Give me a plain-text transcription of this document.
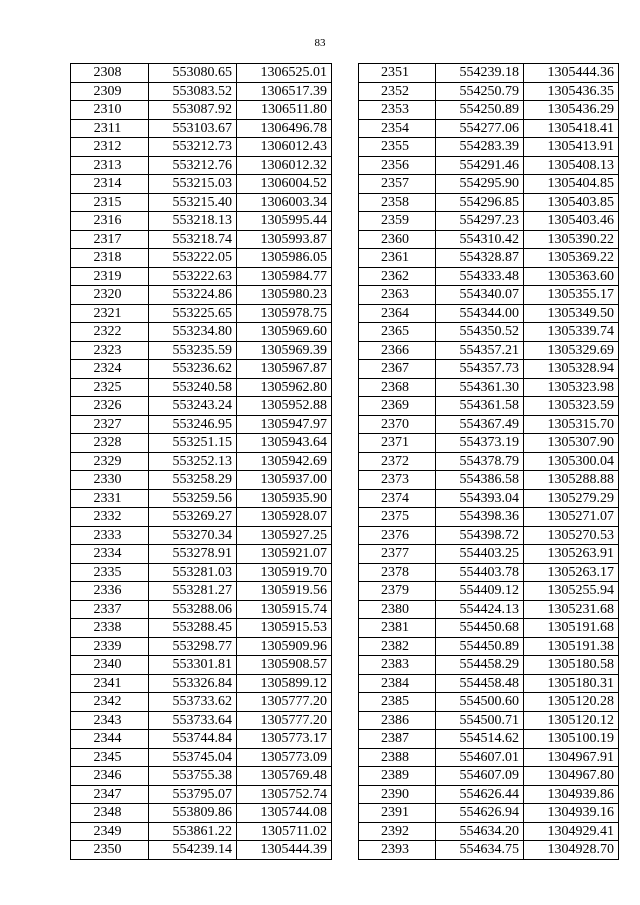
83
2308	553080.65	1306525.01
2309	553083.52	1306517.39
2310	553087.92	1306511.80
2311	553103.67	1306496.78
2312	553212.73	1306012.43
2313	553212.76	1306012.32
2314	553215.03	1306004.52
2315	553215.40	1306003.34
2316	553218.13	1305995.44
2317	553218.74	1305993.87
2318	553222.05	1305986.05
2319	553222.63	1305984.77
2320	553224.86	1305980.23
2321	553225.65	1305978.75
2322	553234.80	1305969.60
2323	553235.59	1305969.39
2324	553236.62	1305967.87
2325	553240.58	1305962.80
2326	553243.24	1305952.88
2327	553246.95	1305947.97
2328	553251.15	1305943.64
2329	553252.13	1305942.69
2330	553258.29	1305937.00
2331	553259.56	1305935.90
2332	553269.27	1305928.07
2333	553270.34	1305927.25
2334	553278.91	1305921.07
2335	553281.03	1305919.70
2336	553281.27	1305919.56
2337	553288.06	1305915.74
2338	553288.45	1305915.53
2339	553298.77	1305909.96
2340	553301.81	1305908.57
2341	553326.84	1305899.12
2342	553733.62	1305777.20
2343	553733.64	1305777.20
2344	553744.84	1305773.17
2345	553745.04	1305773.09
2346	553755.38	1305769.48
2347	553795.07	1305752.74
2348	553809.86	1305744.08
2349	553861.22	1305711.02
2350	554239.14	1305444.39
2351	554239.18	1305444.36
2352	554250.79	1305436.35
2353	554250.89	1305436.29
2354	554277.06	1305418.41
2355	554283.39	1305413.91
2356	554291.46	1305408.13
2357	554295.90	1305404.85
2358	554296.85	1305403.85
2359	554297.23	1305403.46
2360	554310.42	1305390.22
2361	554328.87	1305369.22
2362	554333.48	1305363.60
2363	554340.07	1305355.17
2364	554344.00	1305349.50
2365	554350.52	1305339.74
2366	554357.21	1305329.69
2367	554357.73	1305328.94
2368	554361.30	1305323.98
2369	554361.58	1305323.59
2370	554367.49	1305315.70
2371	554373.19	1305307.90
2372	554378.79	1305300.04
2373	554386.58	1305288.88
2374	554393.04	1305279.29
2375	554398.36	1305271.07
2376	554398.72	1305270.53
2377	554403.25	1305263.91
2378	554403.78	1305263.17
2379	554409.12	1305255.94
2380	554424.13	1305231.68
2381	554450.68	1305191.68
2382	554450.89	1305191.38
2383	554458.29	1305180.58
2384	554458.48	1305180.31
2385	554500.60	1305120.28
2386	554500.71	1305120.12
2387	554514.62	1305100.19
2388	554607.01	1304967.91
2389	554607.09	1304967.80
2390	554626.44	1304939.86
2391	554626.94	1304939.16
2392	554634.20	1304929.41
2393	554634.75	1304928.70
